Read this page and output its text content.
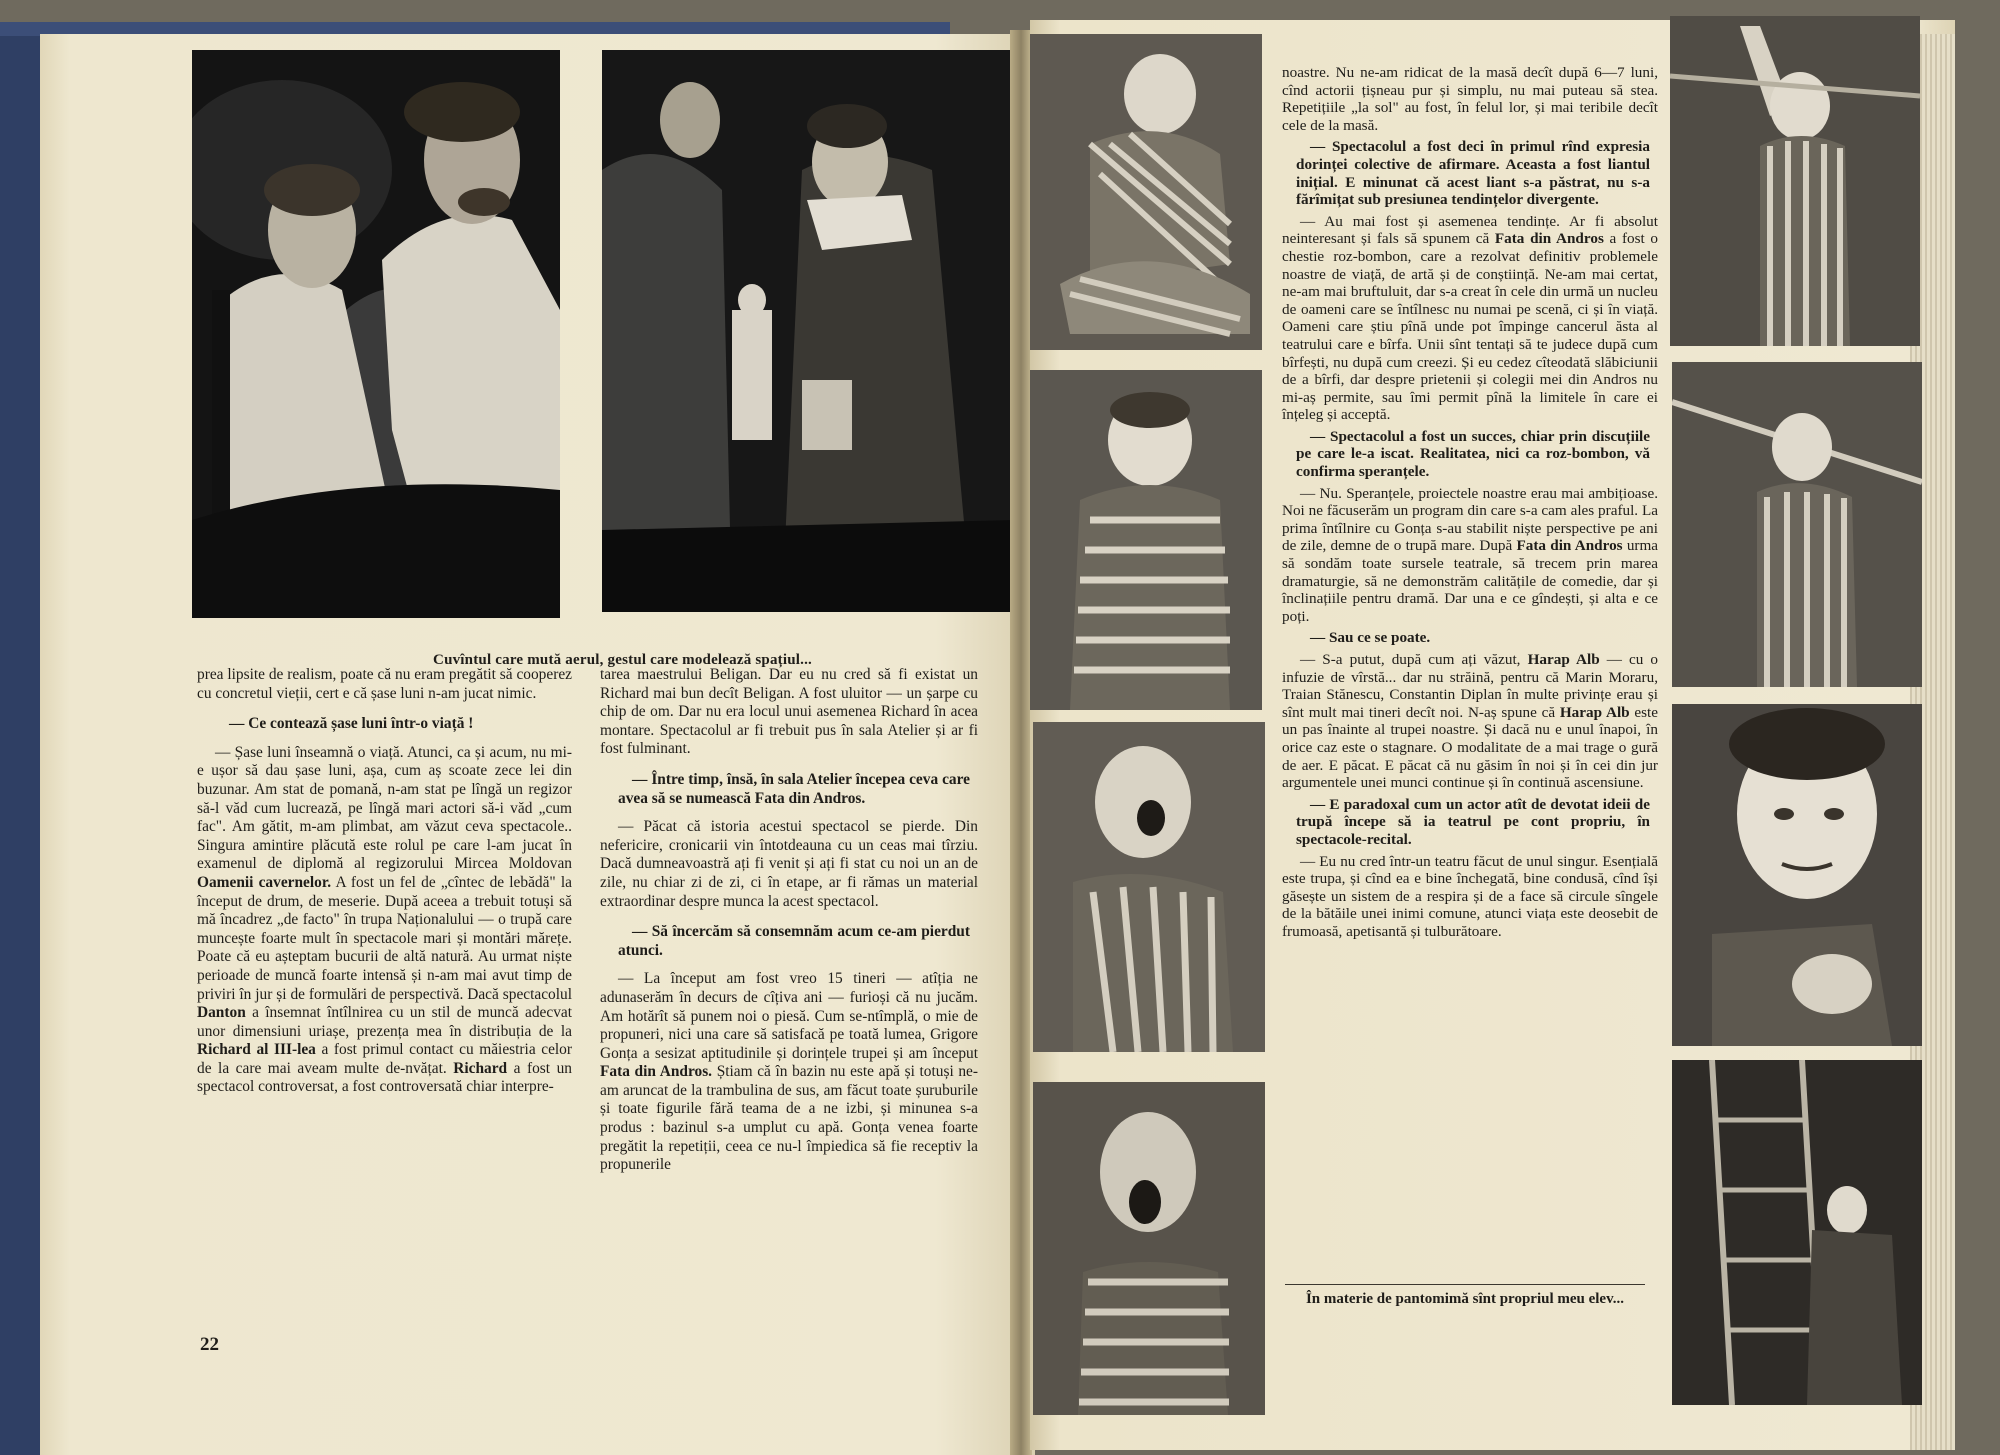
Cuvîntul care mută aerul, gestul care modelează spațiul...

prea lipsite de realism, poate că nu eram pregătit să cooperez cu concretul vieții, cert e că șase luni n-am jucat nimic.

— Ce contează șase luni într-o viață !

— Șase luni înseamnă o viață. Atunci, ca și acum, nu mi-e ușor să dau șase luni, așa, cum aș scoate zece lei din buzunar. Am stat de pomană, n-am stat pe lîngă un regizor să-l văd cum lucrează, pe lîngă mari actori să-i văd „cum fac". Am gătit, m-am plimbat, am văzut ceva spectacole.. Singura amintire plăcută este rolul pe care l-am jucat în examenul de diplomă al regizorului Mircea Moldovan Oamenii cavernelor. A fost un fel de „cîntec de lebădă" la început de drum, de meserie. După aceea a trebuit totuși să mă încadrez „de facto" în trupa Naționalului — o trupă care muncește foarte mult în spectacole mari și montări mărețe. Poate că eu așteptam bucurii de altă natură. Au urmat niște perioade de muncă foarte intensă și n-am mai avut timp de priviri în jur și de formulări de perspectivă. Dacă spectacolul Danton a însemnat întîlnirea cu un stil de muncă adecvat unor dimensiuni uriașe, prezența mea în distribuția de la Richard al III-lea a fost primul contact cu măiestria celor de la care mai aveam multe de-nvățat. Richard a fost un spectacol controversat, a fost controversată chiar interpre-

tarea maestrului Beligan. Dar eu nu cred să fi existat un Richard mai bun decît Beligan. A fost uluitor — un șarpe cu chip de om. Dar nu era locul unui asemenea Richard în acea montare. Spectacolul ar fi trebuit pus în sala Atelier și ar fi fost fulminant.

— Între timp, însă, în sala Atelier începea ceva care avea să se numească Fata din Andros.

— Păcat că istoria acestui spectacol se pierde. Din nefericire, cronicarii vin întotdeauna cu un ceas mai tîrziu. Dacă dumneavoastră ați fi venit și ați fi stat cu noi un an de zile, nu chiar zi de zi, ci în etape, ar fi rămas un material extraordinar despre munca la acest spectacol.

— Să încercăm să consemnăm acum ce-am pierdut atunci.

— La început am fost vreo 15 tineri — atîția ne adunaserăm în decurs de cîțiva ani — furioși că nu jucăm. Am hotărît să punem noi o piesă. Cum se-ntîmplă, o mie de propuneri, nici una care să satisfacă pe toată lumea, Grigore Gonța a sesizat aptitudinile și dorințele trupei și am început Fata din Andros. Știam că în bazin nu este apă și totuși ne-am aruncat de la trambulina de sus, am făcut toate șuruburile și toate figurile fără teama de a ne izbi, și minunea s-a produs : bazinul s-a umplut cu apă. Gonța venea foarte pregătit la repetiții, ceea ce nu-l împiedica să fie receptiv la propunerile

22

noastre. Nu ne-am ridicat de la masă decît după 6—7 luni, cînd actorii țișneau pur și simplu, nu mai puteau să stea. Repetițiile „la sol" au fost, în felul lor, și mai teribile decît cele de la masă.

— Spectacolul a fost deci în primul rînd expresia dorinței colective de afirmare. Aceasta a fost liantul inițial. E minunat că acest liant s-a păstrat, nu s-a fărîmițat sub presiunea tendințelor divergente.

— Au mai fost și asemenea tendințe. Ar fi absolut neinteresant și fals să spunem că Fata din Andros a fost o chestie roz-bombon, care a rezolvat definitiv problemele noastre de viață, de artă și de conștiință. Ne-am mai certat, ne-am mai bruftuluit, dar s-a creat în cele din urmă un nucleu de oameni care se întîlnesc nu numai pe scenă, ci și în viață. Oameni care știu pînă unde pot împinge cancerul ăsta al teatrului care e bîrfa. Unii sînt tentați să te judece după cum bîrfești, nu după cum creezi. Și eu cedez cîteodată slăbiciunii de a bîrfi, dar despre prietenii și colegii mei din Andros nu mi-aș permite, sau îmi permit pînă la limitele în care ei înțeleg și acceptă.

— Spectacolul a fost un succes, chiar prin discuțiile pe care le-a iscat. Realitatea, nici ca roz-bombon, vă confirma speranțele.

— Nu. Speranțele, proiectele noastre erau mai ambițioase. Noi ne făcuserăm un program din care s-a cam ales praful. La prima întîlnire cu Gonța s-au stabilit niște perspective pe ani de zile, demne de o trupă mare. După Fata din Andros urma să sondăm toate sursele teatrale, să trecem prin marea dramaturgie, să ne demonstrăm calitățile de comedie, dar și înclinațiile pentru dramă. Dar una e ce gîndești, și alta e ce poți.

— Sau ce se poate.

— S-a putut, după cum ați văzut, Harap Alb — cu o infuzie de vîrstă... dar nu străină, pentru că Marin Moraru, Traian Stănescu, Constantin Diplan în multe privințe erau și sînt mult mai tineri decît noi. N-aș spune că Harap Alb este un pas înainte al trupei noastre. Și dacă nu e unul înapoi, în orice caz este o stagnare. O modalitate de a mai trage o gură de aer. E păcat. E păcat că nu găsim în noi și în cei din jur argumentele unei munci continue și în continuă ascensiune.

— E paradoxal cum un actor atît de devotat ideii de trupă începe să ia teatrul pe cont propriu, în spectacole-recital.

— Eu nu cred într-un teatru făcut de unul singur. Esențială este trupa, și cînd ea e bine închegată, bine condusă, cînd își găsește un sistem de a respira și de a face să circule sîngele de la bătăile unei inimi comune, atunci viața este deosebit de frumoasă, apetisantă și tulburătoare.

În materie de pantomimă sînt propriul meu elev...
